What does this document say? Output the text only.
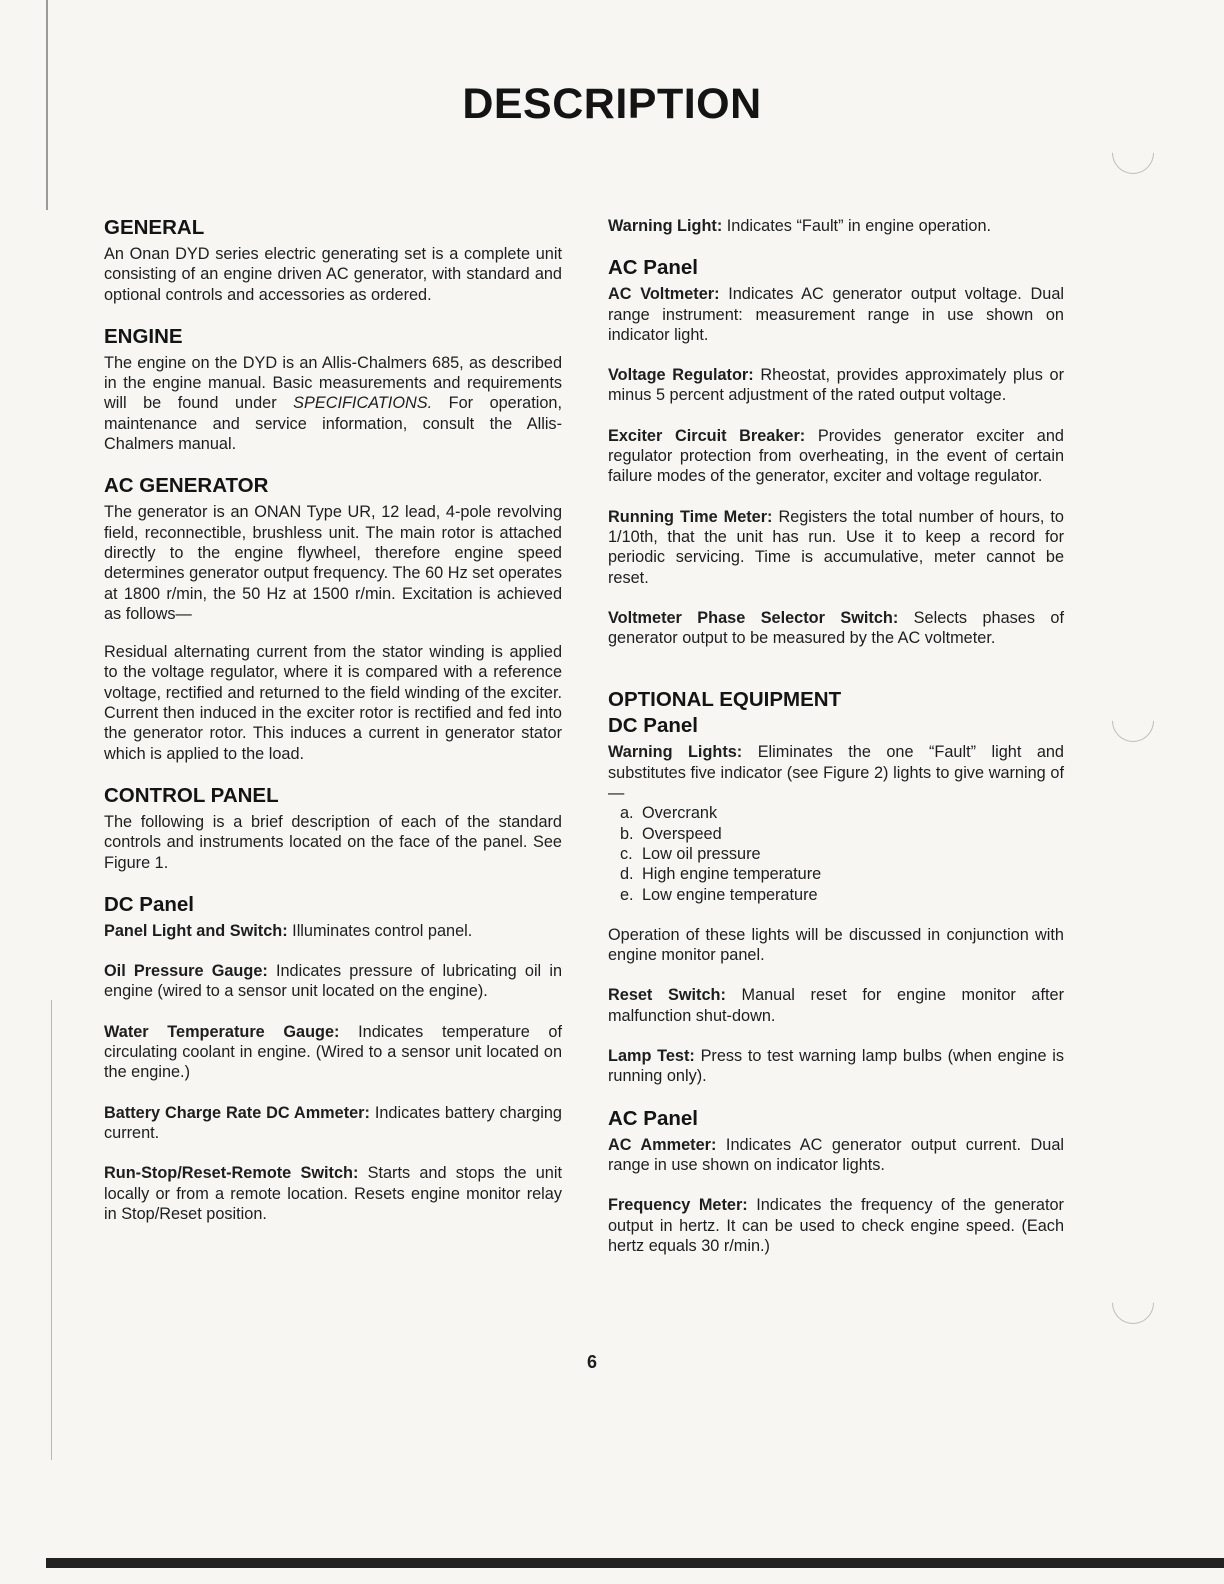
DESCRIPTION
GENERAL

An Onan DYD series electric generating set is a complete unit consisting of an engine driven AC generator, with standard and optional controls and accessories as ordered.

ENGINE

The engine on the DYD is an Allis-Chalmers 685, as described in the engine manual. Basic measurements and requirements will be found under SPECIFICATIONS. For operation, maintenance and service information, consult the Allis-Chalmers manual.

AC GENERATOR

The generator is an ONAN Type UR, 12 lead, 4-pole revolving field, reconnectible, brushless unit. The main rotor is attached directly to the engine flywheel, therefore engine speed determines generator output frequency. The 60 Hz set operates at 1800 r/min, the 50 Hz at 1500 r/min. Excitation is achieved as follows—

Residual alternating current from the stator winding is applied to the voltage regulator, where it is compared with a reference voltage, rectified and returned to the field winding of the exciter. Current then induced in the exciter rotor is rectified and fed into the generator rotor. This induces a current in generator stator which is applied to the load.

CONTROL PANEL

The following is a brief description of each of the standard controls and instruments located on the face of the panel. See Figure 1.

DC Panel

Panel Light and Switch: Illuminates control panel.

Oil Pressure Gauge: Indicates pressure of lubricating oil in engine (wired to a sensor unit located on the engine).

Water Temperature Gauge: Indicates temperature of circulating coolant in engine. (Wired to a sensor unit located on the engine.)

Battery Charge Rate DC Ammeter: Indicates battery charging current.

Run-Stop/Reset-Remote Switch: Starts and stops the unit locally or from a remote location. Resets engine monitor relay in Stop/Reset position.

Warning Light: Indicates “Fault” in engine operation.

AC Panel

AC Voltmeter: Indicates AC generator output voltage. Dual range instrument: measurement range in use shown on indicator light.

Voltage Regulator: Rheostat, provides approximately plus or minus 5 percent adjustment of the rated output voltage.

Exciter Circuit Breaker: Provides generator exciter and regulator protection from overheating, in the event of certain failure modes of the generator, exciter and voltage regulator.

Running Time Meter: Registers the total number of hours, to 1/10th, that the unit has run. Use it to keep a record for periodic servicing. Time is accumulative, meter cannot be reset.

Voltmeter Phase Selector Switch: Selects phases of generator output to be measured by the AC voltmeter.

OPTIONAL EQUIPMENT
DC Panel

Warning Lights: Eliminates the one “Fault” light and substitutes five indicator (see Figure 2) lights to give warning of—

a. Overcrank
b. Overspeed
c. Low oil pressure
d. High engine temperature
e. Low engine temperature

Operation of these lights will be discussed in conjunction with engine monitor panel.

Reset Switch: Manual reset for engine monitor after malfunction shut-down.

Lamp Test: Press to test warning lamp bulbs (when engine is running only).

AC Panel

AC Ammeter: Indicates AC generator output current. Dual range in use shown on indicator lights.

Frequency Meter: Indicates the frequency of the generator output in hertz. It can be used to check engine speed. (Each hertz equals 30 r/min.)

6
